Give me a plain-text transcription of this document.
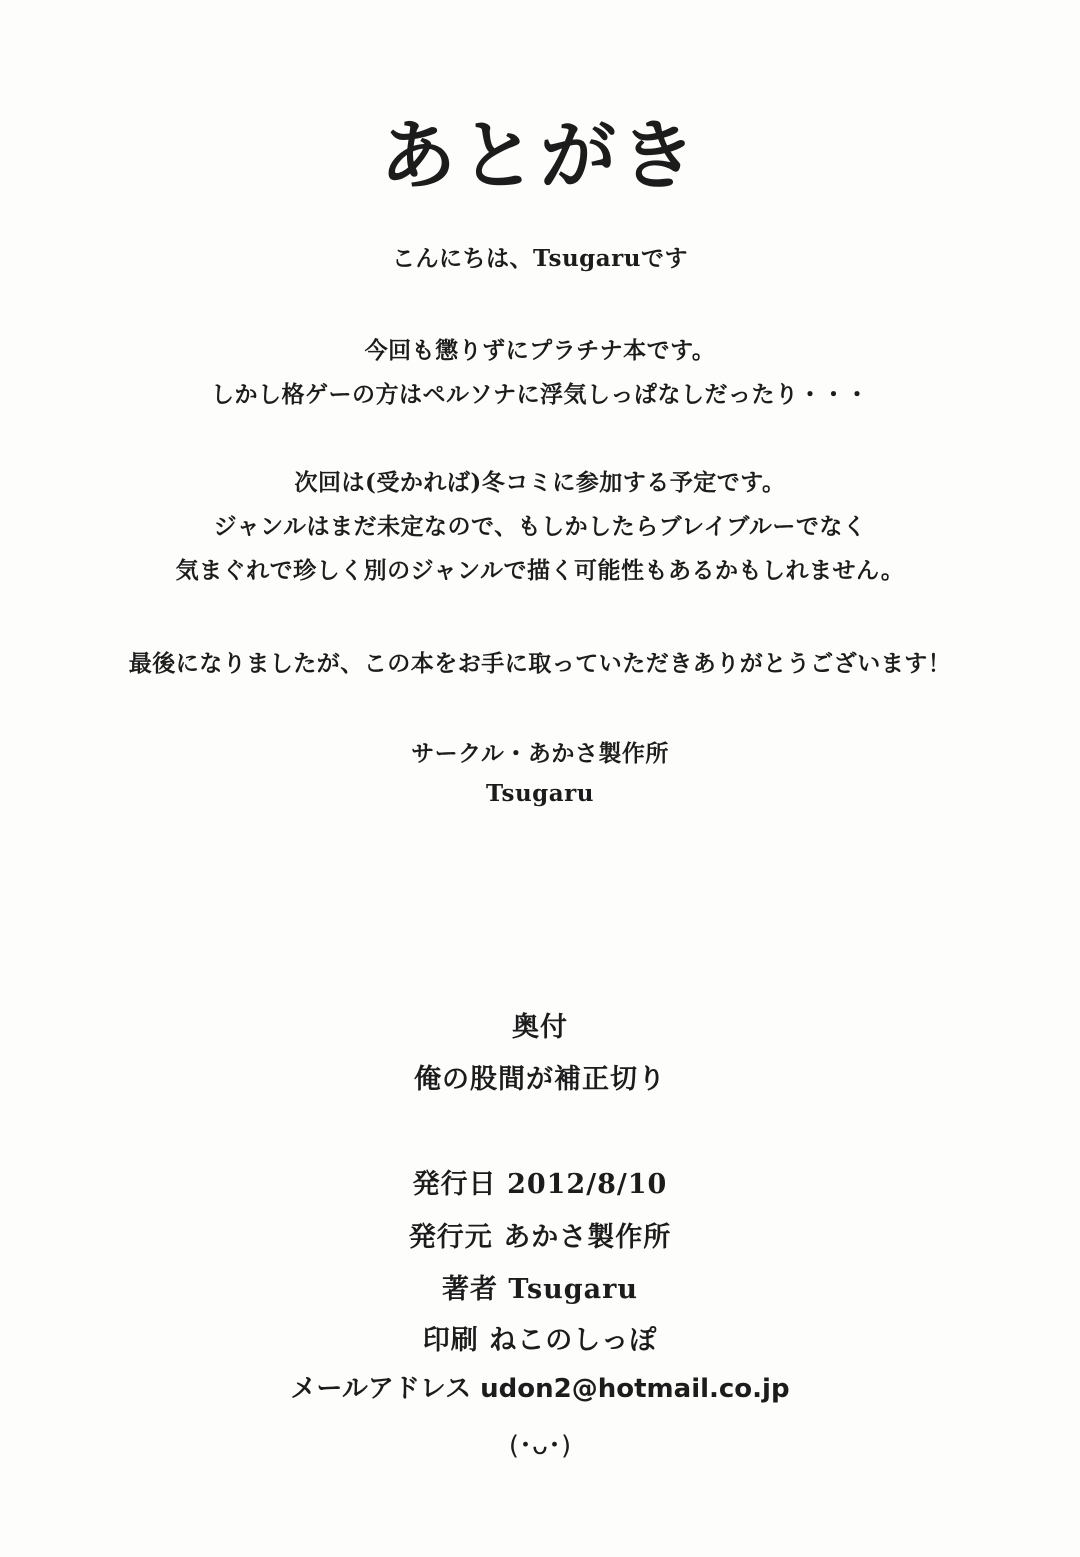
あとがき
こんにちは、Tsugaruです
今回も懲りずにプラチナ本です。
しかし格ゲーの方はペルソナに浮気しっぱなしだったり・・・
次回は(受かれば)冬コミに参加する予定です。
ジャンルはまだ未定なので、もしかしたらブレイブルーでなく
気まぐれで珍しく別のジャンルで描く可能性もあるかもしれません。
最後になりましたが、この本をお手に取っていただきありがとうございます！
サークル・あかさ製作所
Tsugaru
奥付
俺の股間が補正切り
発行日 2012/8/10
発行元 あかさ製作所
著者 Tsugaru
印刷 ねこのしっぽ
メールアドレス udon2@hotmail.co.jp
(･ᴗ･)
